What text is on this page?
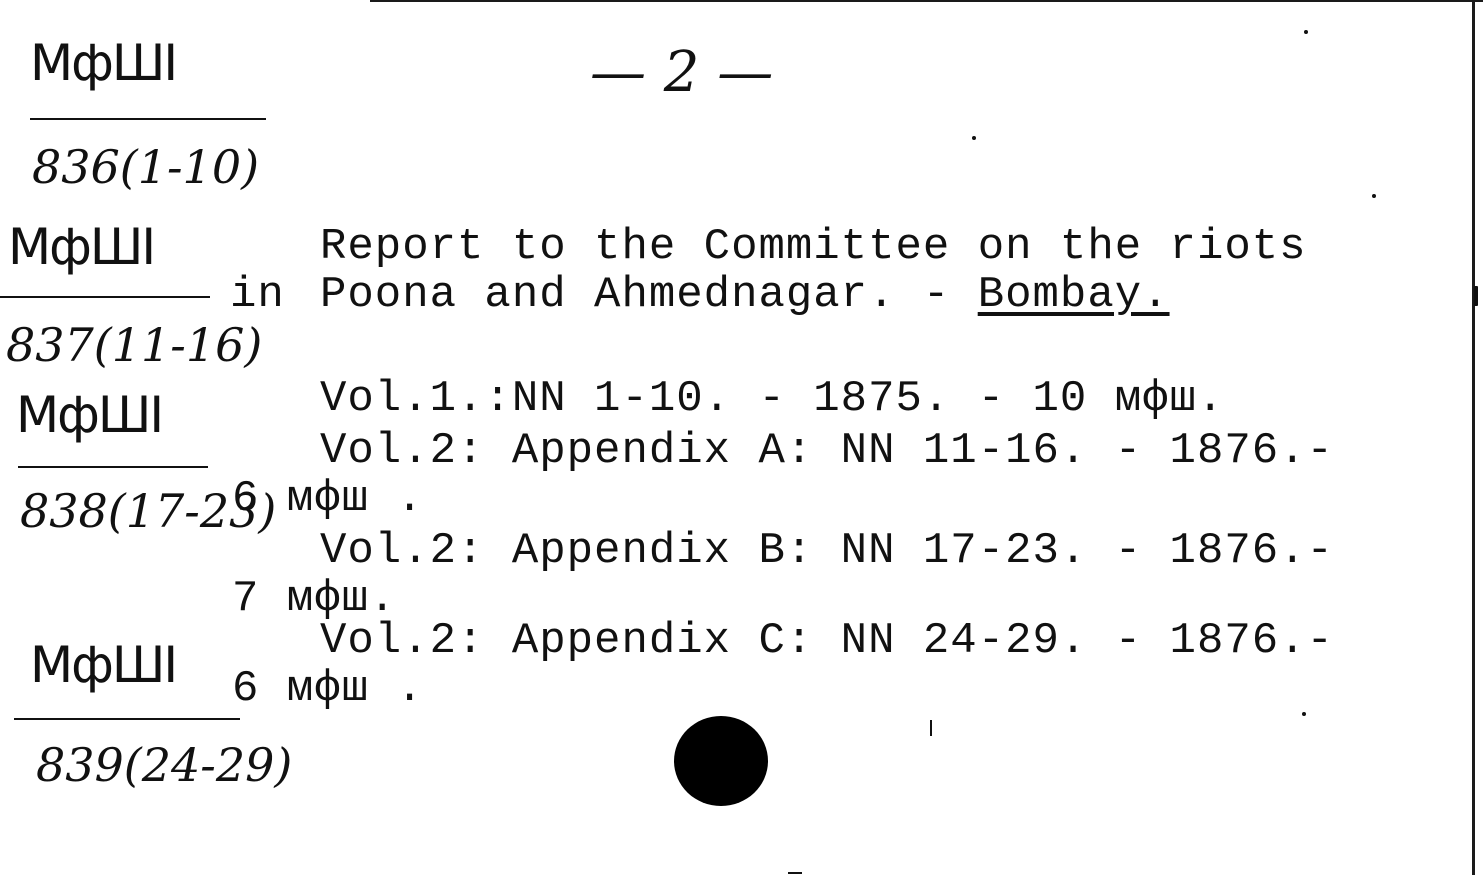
— 2 —
МфШI
836(1-10)
МфШI
837(11-16)
МфШI
838(17-23)
МфШI
839(24-29)
Report to the Committee on the riots
in Poona and Ahmednagar. - Bombay.
Vol.1.:NN 1-10. - 1875. - 10 мфш.
Vol.2: Appendix A: NN 11-16. - 1876.-
6 мфш .
Vol.2: Appendix B: NN 17-23. - 1876.-
7 мфш.
Vol.2: Appendix C: NN 24-29. - 1876.-
6 мфш .
